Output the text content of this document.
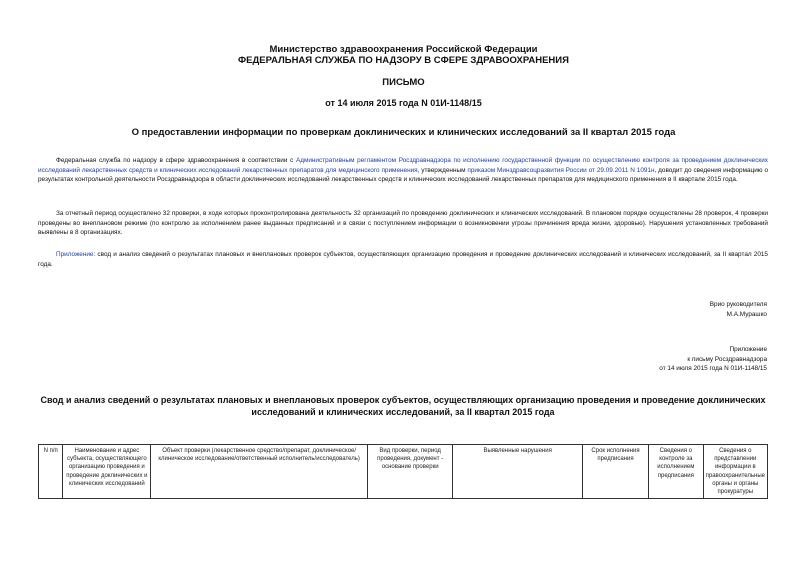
Министерство здравоохранения Российской Федерации
ФЕДЕРАЛЬНАЯ СЛУЖБА ПО НАДЗОРУ В СФЕРЕ ЗДРАВООХРАНЕНИЯ
ПИСЬМО
от 14 июля 2015 года N 01И-1148/15
О предоставлении информации по проверкам доклинических и клинических исследований за II квартал 2015 года
Федеральная служба по надзору в сфере здравоохранения в соответствии с Административным регламентом Росздравнадзора по исполнению государственной функции по осуществлению контроля за проведением доклинических исследований лекарственных средств и клинических исследований лекарственных препаратов для медицинского применения, утвержденным приказом Минздравсоцразвития России от 29.09.2011 N 1091н, доводит до сведения информацию о результатах контрольной деятельности Росздравнадзора в области доклинических исследований лекарственных средств и клинических исследований лекарственных препаратов для медицинского применения в II квартале 2015 года.
За отчетный период осуществлено 32 проверки, в ходе которых проконтролирована деятельность 32 организаций по проведению доклинических и клинических исследований. В плановом порядке осуществлены 28 проверок, 4 проверки проведены во внеплановом режиме (по контролю за исполнением ранее выданных предписаний и в связи с поступлением информации о возникновении угрозы причинения вреда жизни, здоровью). Нарушения установленных требований выявлены в 8 организациях.
Приложение: свод и анализ сведений о результатах плановых и внеплановых проверок субъектов, осуществляющих организацию проведения и проведение доклинических исследований и клинических исследований, за II квартал 2015 года.
Врио руководителя
М.А.Мурашко
Приложение
к письму Росздравнадзора
от 14 июля 2015 года N 01И-1148/15
Свод и анализ сведений о результатах плановых и внеплановых проверок субъектов, осуществляющих организацию проведения и проведение доклинических исследований и клинических исследований, за II квартал 2015 года
N п/п	Наименование и адрес субъекта, осуществляющего организацию проведения и проведение доклинических и клинических исследований	Объект проверки (лекарственное средство/препарат, доклиническое/клиническое исследование/ответственный исполнитель/исследователь)	Вид проверки, период проведения, документ - основание проверки	Выявленные нарушения	Срок исполнения предписания	Сведения о контроле за исполнением предписания	Сведения о представлении информации в правоохранительные органы и органы прокуратуры
